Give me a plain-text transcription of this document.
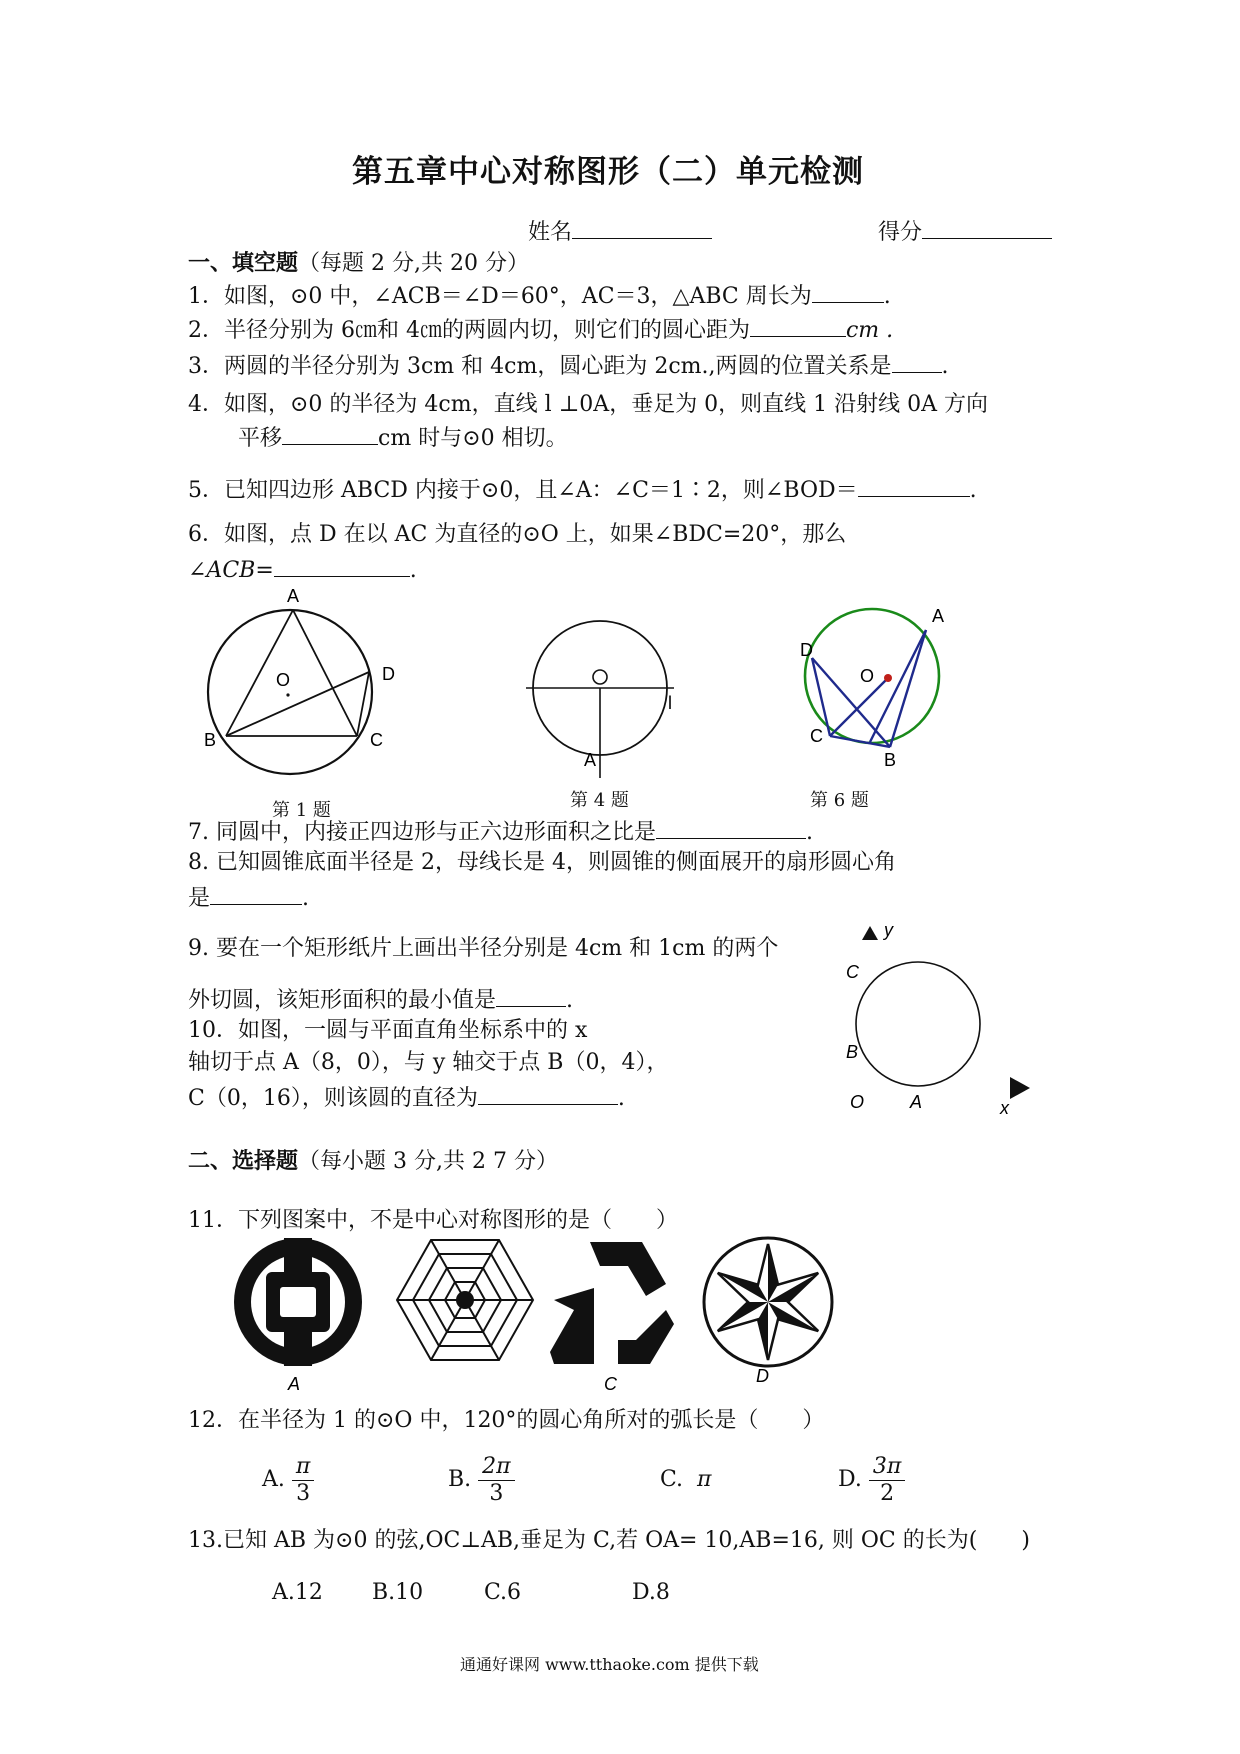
第五章中心对称图形（二）单元检测
姓名	得分
一、填空题（每题 2 分,共 20 分）
1．如图，⊙0 中，∠ACB＝∠D＝60°，AC＝3，△ABC 周长为	.
2．半径分别为 6㎝和 4㎝的两圆内切，则它们的圆心距为	cm .
3．两圆的半径分别为 3cm 和 4cm，圆心距为 2cm.,两圆的位置关系是 .
4．如图，⊙0 的半径为 4cm，直线 l ⊥0A，垂足为 0，则直线 1 沿射线 0A 方向
平移	cm 时与⊙0 相切。
5．已知四边形 ABCD 内接于⊙0，且∠A：∠C＝1∶2，则∠BOD＝	.
6．如图，点 D 在以 AC 为直径的⊙O 上，如果∠BDC=20°，那么
∠ACB=	.
A
B	C
D
O
第 1 题
l
A
第 4 题
A
D
O
C
B
第 6 题
7. 同圆中，内接正四边形与正六边形面积之比是	.
8. 已知圆锥底面半径是 2，母线长是 4，则圆锥的侧面展开的扇形圆心角
是	.
9. 要在一个矩形纸片上画出半径分别是 4cm 和 1cm 的两个
外切圆，该矩形面积的最小值是	.
10．如图，一圆与平面直角坐标系中的 x
轴切于点 A（8，0），与 y 轴交于点 B（0，4），
C（0，16），则该圆的直径为	.
y
C
B
O	A	x
二、选择题（每小题 3 分,共 2 7 分）
11．下列图案中，不是中心对称图形的是（　　）
A	C	D
12．在半径为 1 的⊙O 中，120°的圆心角所对的弧长是（　　）
A. $\frac{\pi}{3}$	B. $\frac{2\pi}{3}$	C. π	D. $\frac{3\pi}{2}$
13.已知 AB 为⊙0 的弦,OC⊥AB,垂足为 C,若 OA= 10,AB=16, 则 OC 的长为(　　)
A.12 B.10	C.6	D.8
通通好课网 www.tthaoke.com 提供下载
